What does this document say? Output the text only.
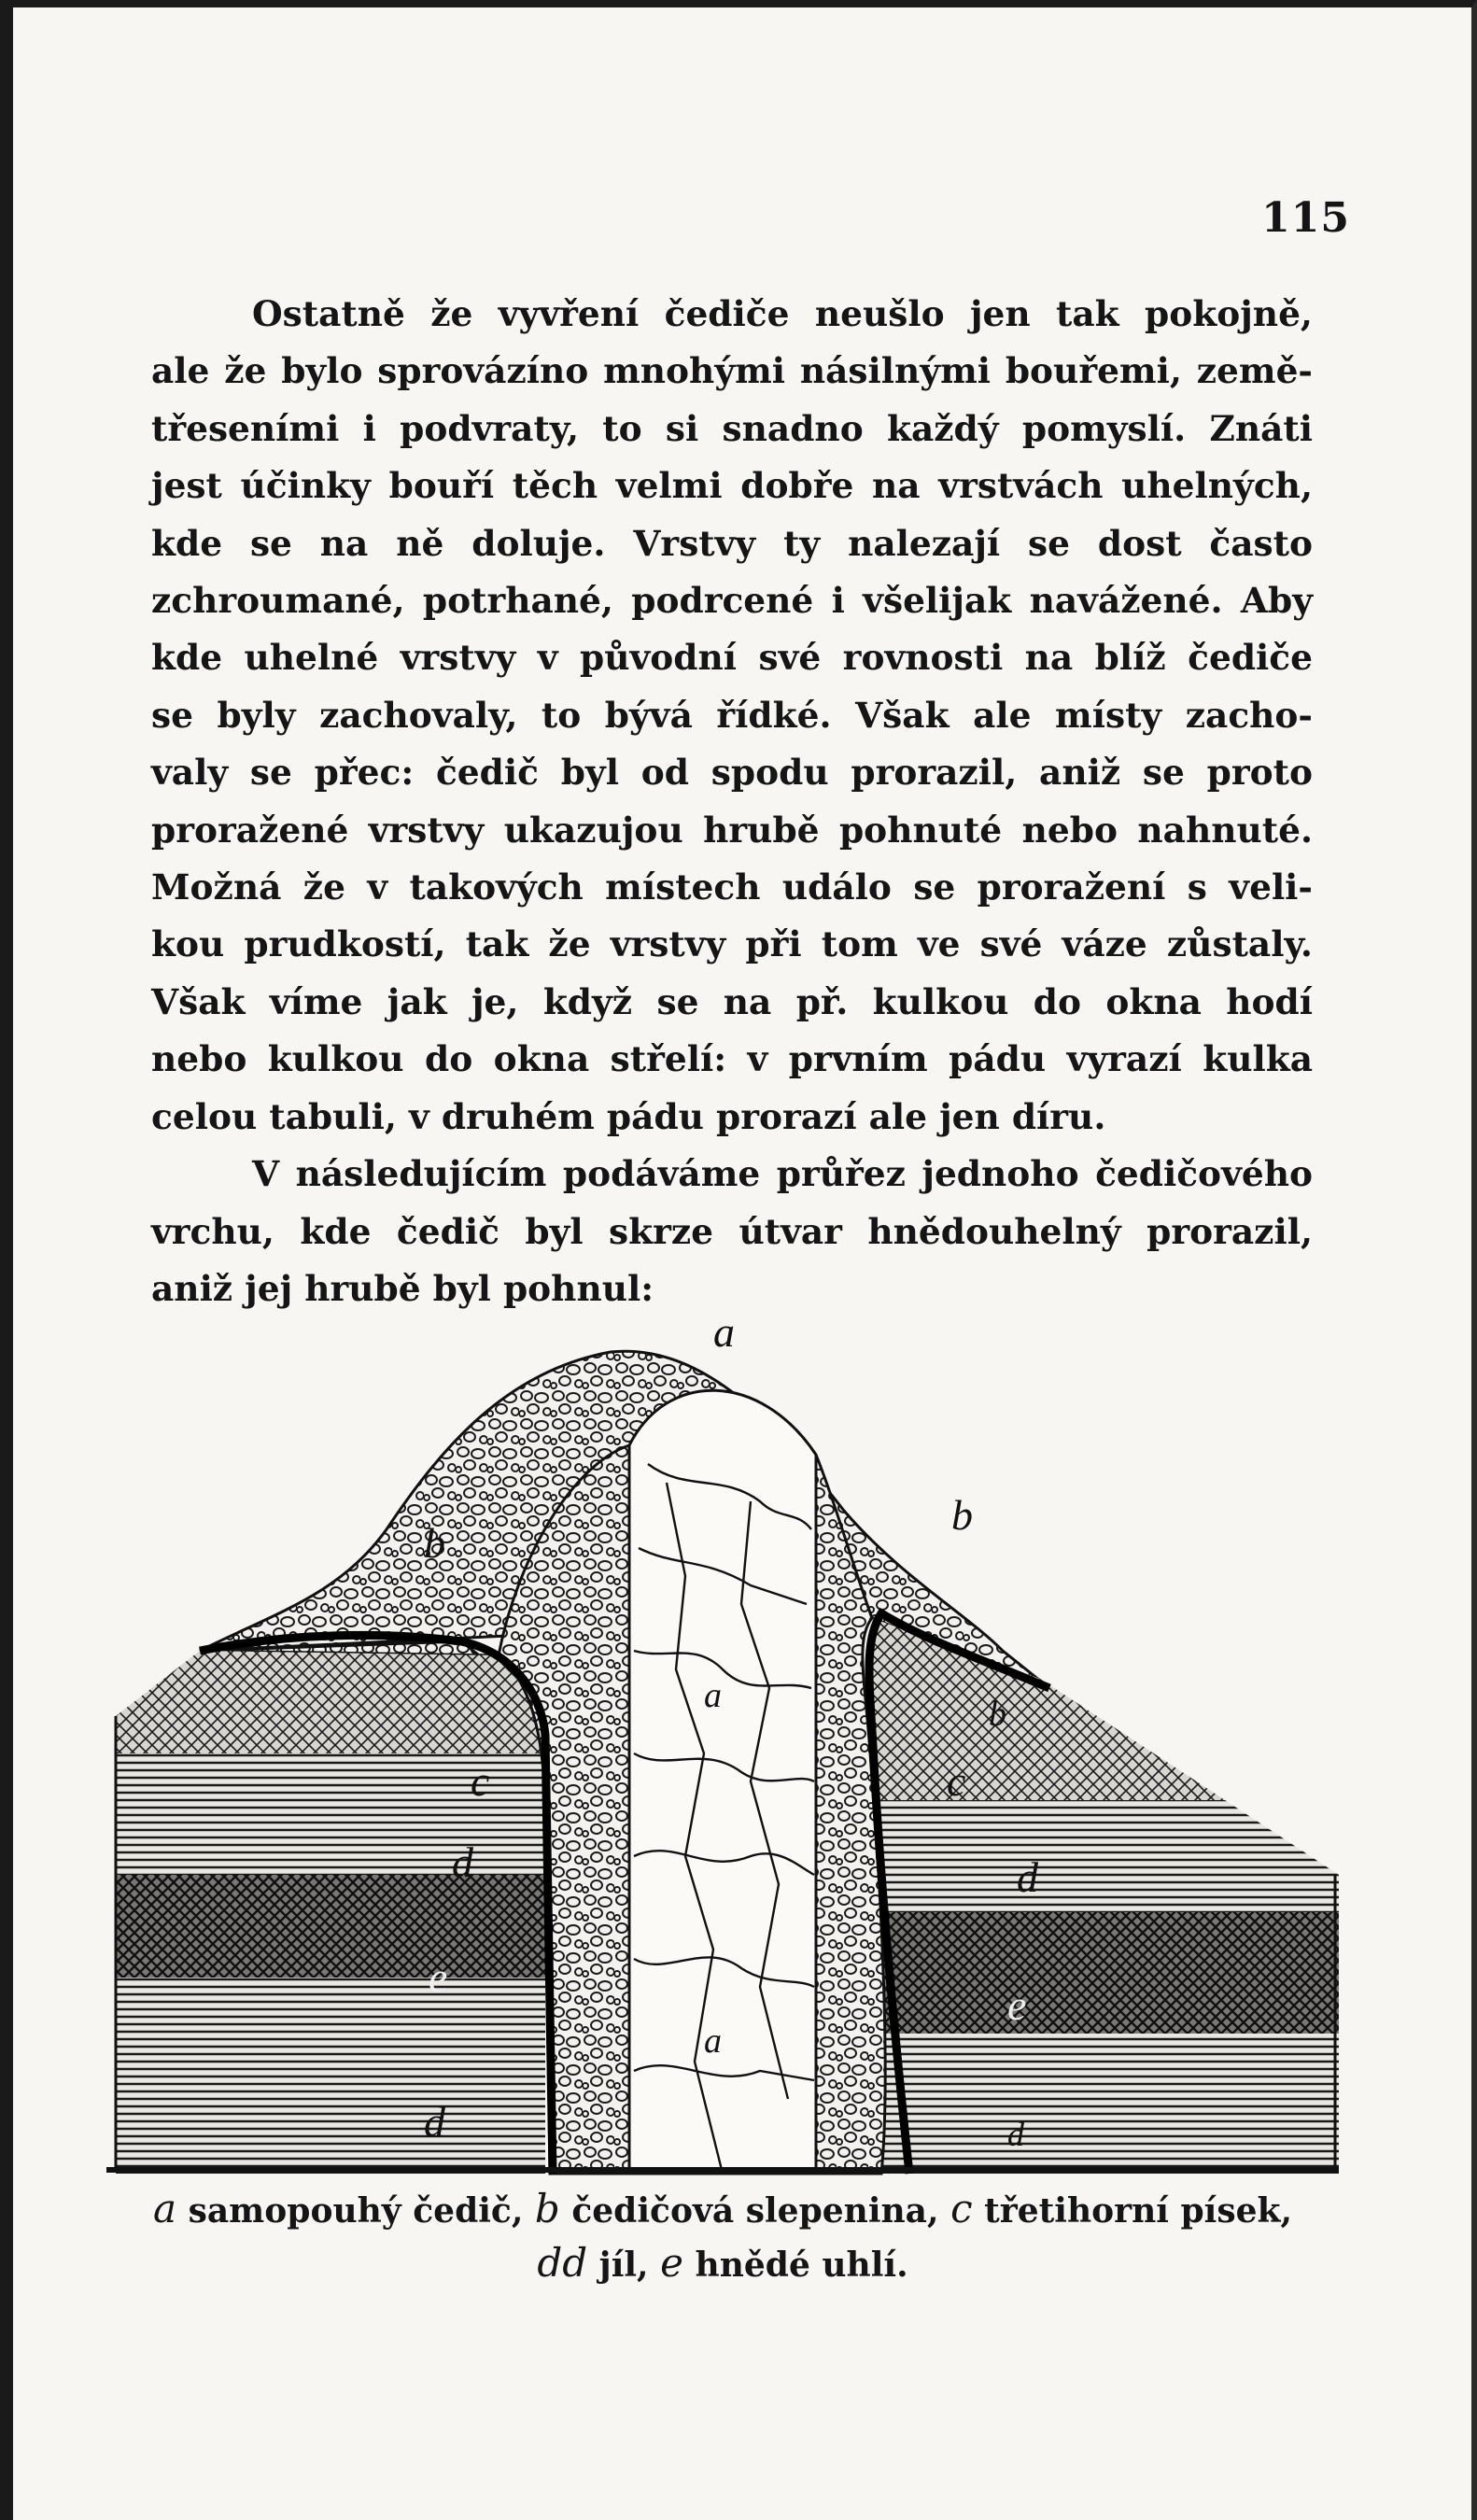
115
Ostatně že vyvření čediče neušlo jen tak pokojně,
ale že bylo sprovázíno mnohými násilnými bouřemi, země-
třeseními i podvraty, to si snadno každý pomyslí. Znáti
jest účinky bouří těch velmi dobře na vrstvách uhelných,
kde se na ně doluje. Vrstvy ty nalezají se dost často
zchroumané, potrhané, podrcené i všelijak navážené. Aby
kde uhelné vrstvy v původní své rovnosti na blíž čediče
se byly zachovaly, to bývá řídké. Však ale místy zacho-
valy se přec: čedič byl od spodu prorazil, aniž se proto
proražené vrstvy ukazujou hrubě pohnuté nebo nahnuté.
Možná že v takových místech událo se proražení s veli-
kou prudkostí, tak že vrstvy při tom ve své váze zůstaly.
Však víme jak je, když se na př. kulkou do okna hodí
nebo kulkou do okna střelí: v prvním pádu vyrazí kulka
celou tabuli, v druhém pádu prorazí ale jen díru.
V následujícím podáváme průřez jednoho čedičového
vrchu, kde čedič byl skrze útvar hnědouhelný prorazil,
aniž jej hrubě byl pohnul:
a
b
b
b
a
a
c	c
d	d
e
e
d	d
a samopouhý čedič, b čedičová slepenina, c třetihorní písek,
dd jíl, e hnědé uhlí.
